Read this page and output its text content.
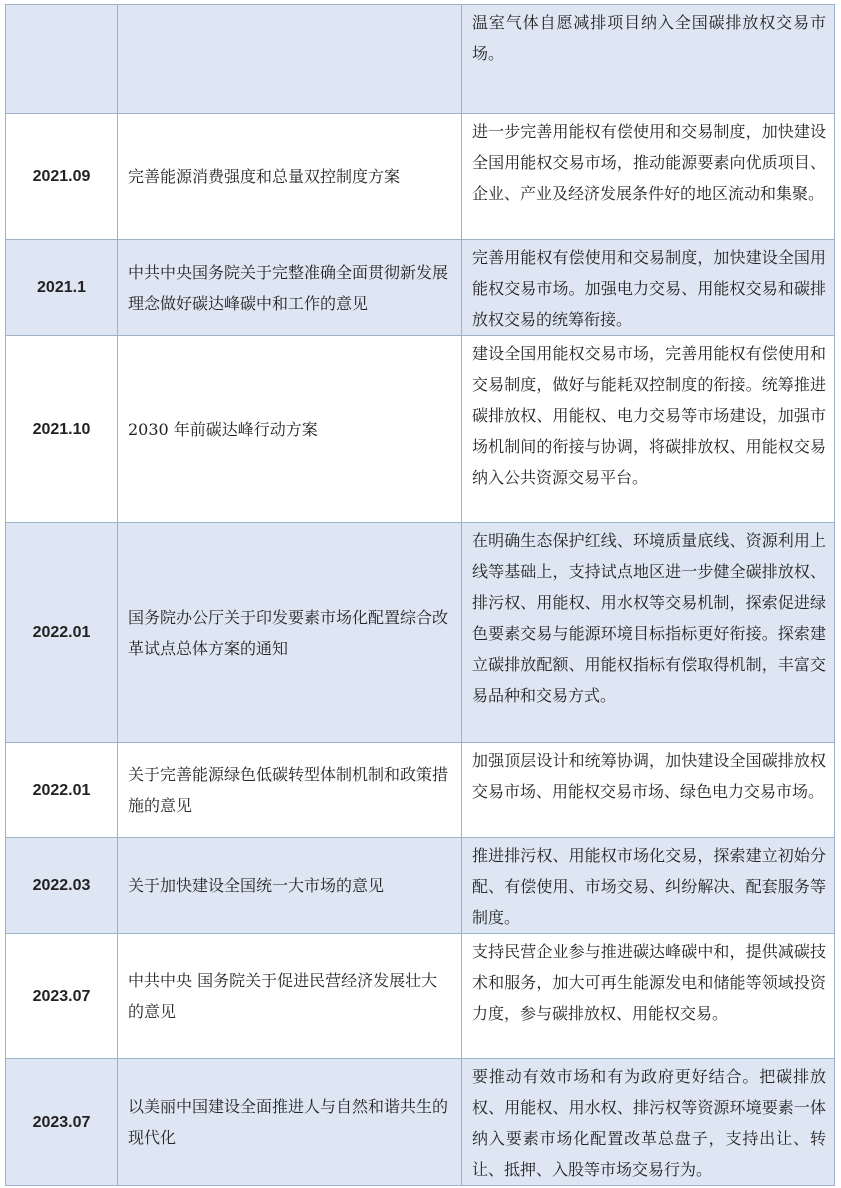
		温室气体自愿减排项目纳入全国碳排放权交易市场。
2021.09	完善能源消费强度和总量双控制度方案	进一步完善用能权有偿使用和交易制度，加快建设全国用能权交易市场，推动能源要素向优质项目、企业、产业及经济发展条件好的地区流动和集聚。
2021.1	中共中央国务院关于完整准确全面贯彻新发展理念做好碳达峰碳中和工作的意见	完善用能权有偿使用和交易制度，加快建设全国用能权交易市场。加强电力交易、用能权交易和碳排放权交易的统筹衔接。
2021.10	2030 年前碳达峰行动方案	建设全国用能权交易市场，完善用能权有偿使用和交易制度，做好与能耗双控制度的衔接。统筹推进碳排放权、用能权、电力交易等市场建设，加强市场机制间的衔接与协调，将碳排放权、用能权交易纳入公共资源交易平台。
2022.01	国务院办公厅关于印发要素市场化配置综合改革试点总体方案的通知	在明确生态保护红线、环境质量底线、资源利用上线等基础上，支持试点地区进一步健全碳排放权、排污权、用能权、用水权等交易机制，探索促进绿色要素交易与能源环境目标指标更好衔接。探索建立碳排放配额、用能权指标有偿取得机制，丰富交易品种和交易方式。
2022.01	关于完善能源绿色低碳转型体制机制和政策措施的意见	加强顶层设计和统筹协调，加快建设全国碳排放权交易市场、用能权交易市场、绿色电力交易市场。
2022.03	关于加快建设全国统一大市场的意见	推进排污权、用能权市场化交易，探索建立初始分配、有偿使用、市场交易、纠纷解决、配套服务等制度。
2023.07	中共中央 国务院关于促进民营经济发展壮大的意见	支持民营企业参与推进碳达峰碳中和，提供减碳技术和服务，加大可再生能源发电和储能等领域投资力度，参与碳排放权、用能权交易。
2023.07	以美丽中国建设全面推进人与自然和谐共生的现代化	要推动有效市场和有为政府更好结合。把碳排放权、用能权、用水权、排污权等资源环境要素一体纳入要素市场化配置改革总盘子，支持出让、转让、抵押、入股等市场交易行为。
